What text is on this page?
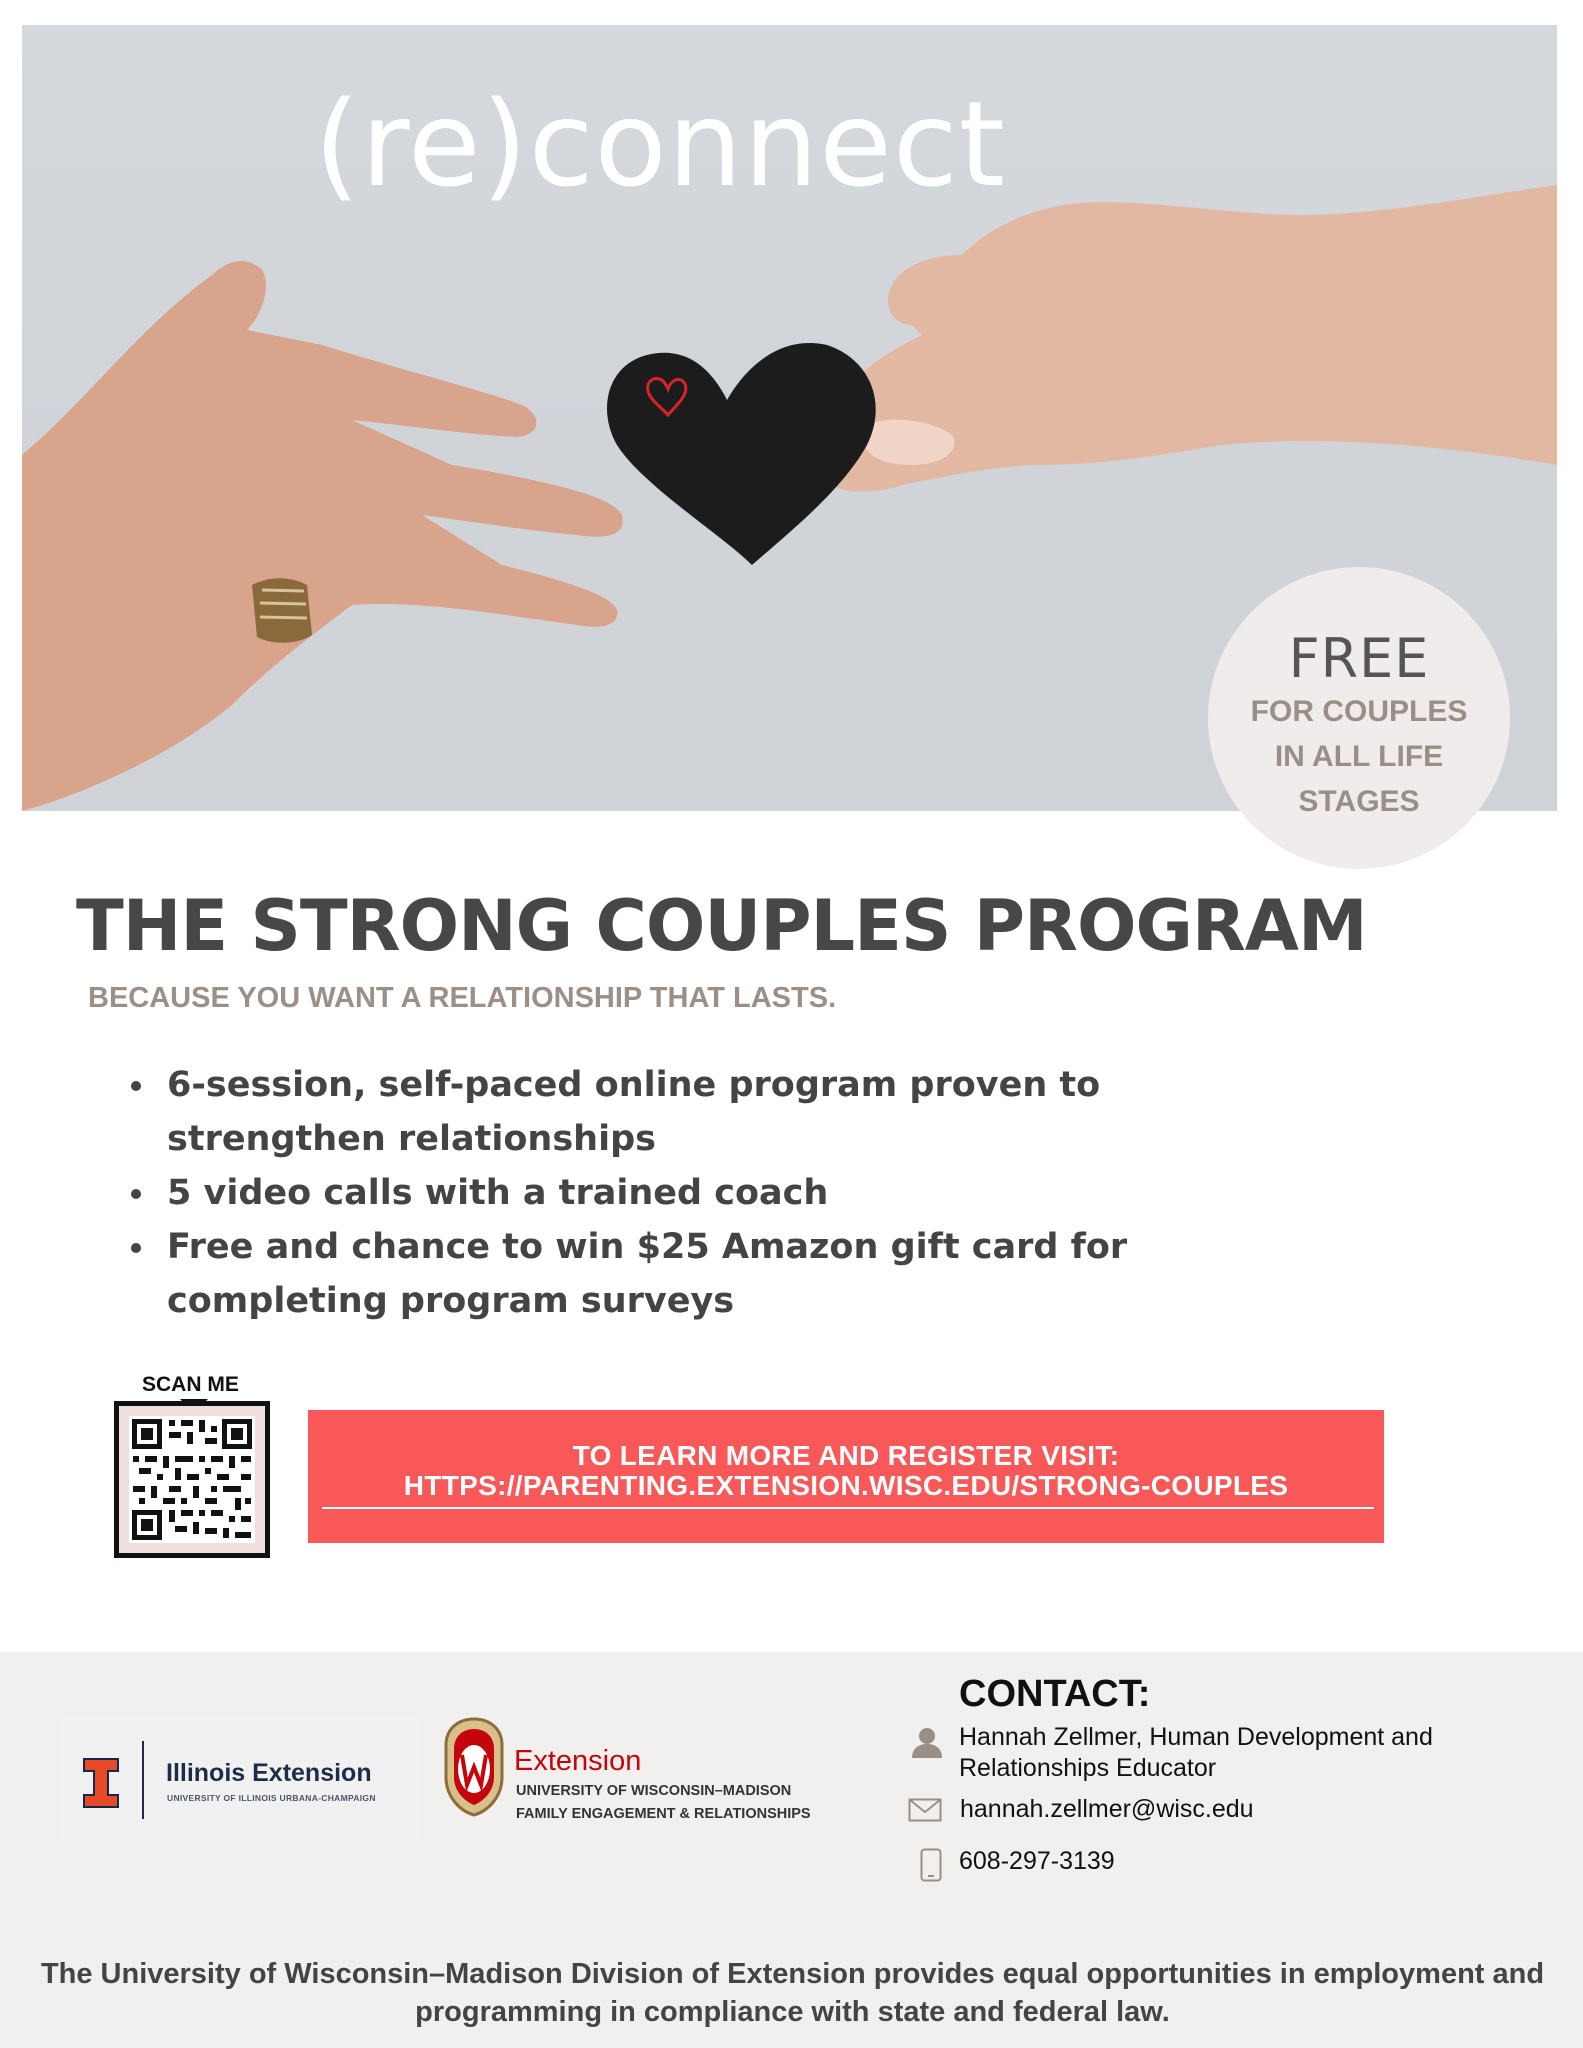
(re)connect
FREE
FOR COUPLES
IN ALL LIFE
STAGES
THE STRONG COUPLES PROGRAM
BECAUSE YOU WANT A RELATIONSHIP THAT LASTS.
6-session, self-paced online program proven to strengthen relationships
5 video calls with a trained coach
Free and chance to win $25 Amazon gift card for completing program surveys
SCAN ME
TO LEARN MORE AND REGISTER VISIT:
HTTPS://PARENTING.EXTENSION.WISC.EDU/STRONG-COUPLES
Illinois Extension
UNIVERSITY OF ILLINOIS URBANA-CHAMPAIGN
Extension
UNIVERSITY OF WISCONSIN–MADISON
FAMILY ENGAGEMENT & RELATIONSHIPS
CONTACT:
Hannah Zellmer, Human Development and
Relationships Educator
hannah.zellmer@wisc.edu
608-297-3139
The University of Wisconsin–Madison Division of Extension provides equal opportunities in employment and
programming in compliance with state and federal law.
